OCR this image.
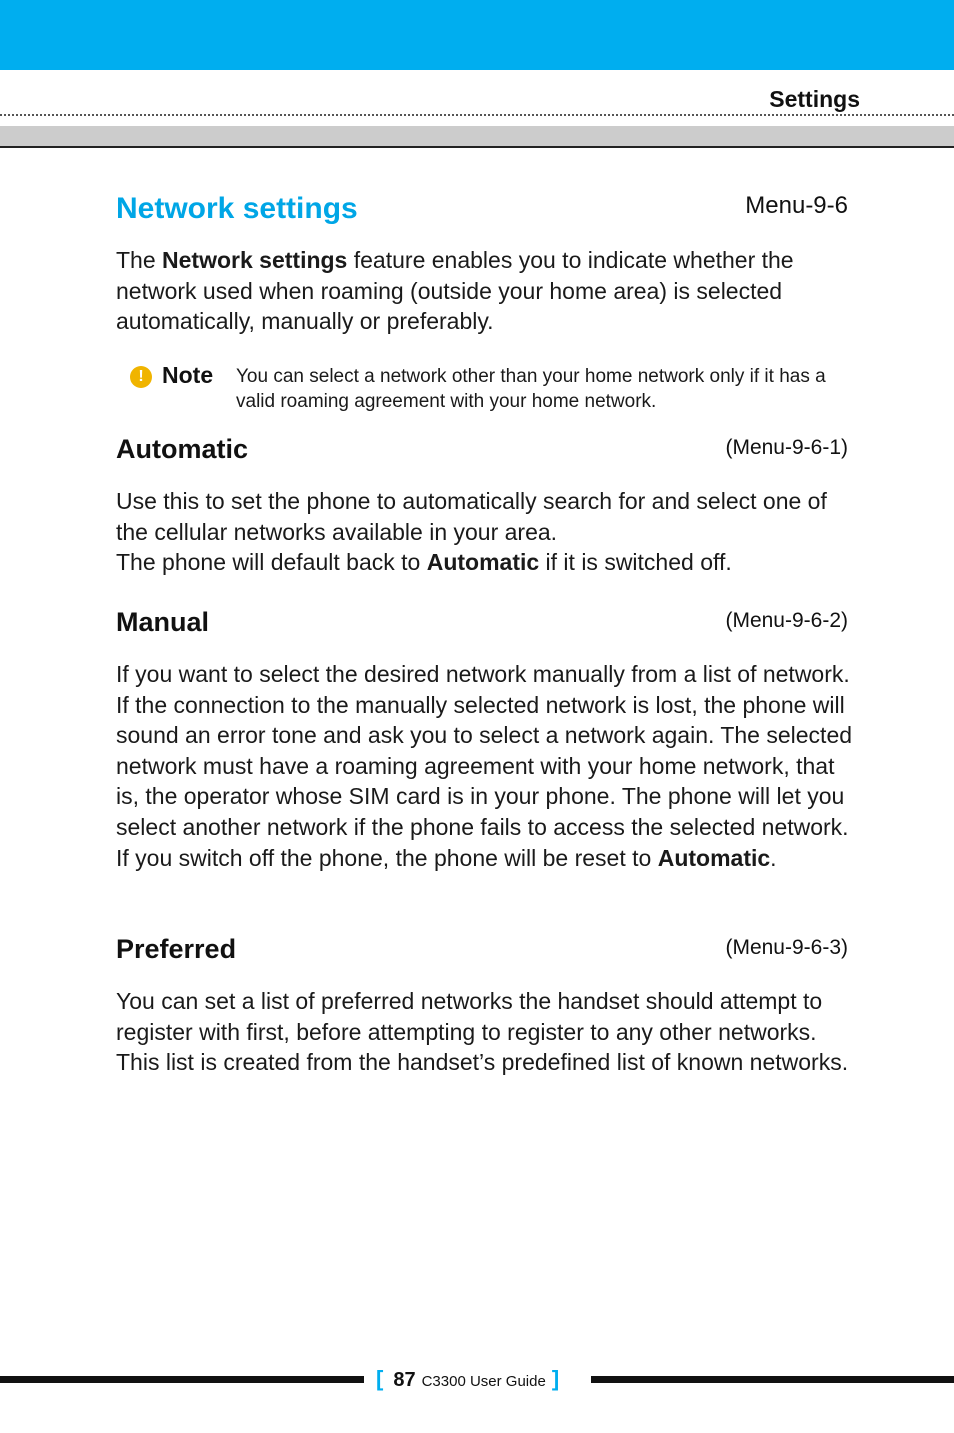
Settings
Network settings	Menu-9-6
The Network settings feature enables you to indicate whether the network used when roaming (outside your home area) is selected automatically, manually or preferably.
! Note You can select a network other than your home network only if it has a valid roaming agreement with your home network.
Automatic	(Menu-9-6-1)
Use this to set the phone to automatically search for and select one of the cellular networks available in your area.
The phone will default back to Automatic if it is switched off.
Manual	(Menu-9-6-2)
If you want to select the desired network manually from a list of network. If the connection to the manually selected network is lost, the phone will sound an error tone and ask you to select a network again. The selected network must have a roaming agreement with your home network, that is, the operator whose SIM card is in your phone. The phone will let you select another network if the phone fails to access the selected network. If you switch off the phone, the phone will be reset to Automatic.
Preferred	(Menu-9-6-3)
You can set a list of preferred networks the handset should attempt to register with first, before attempting to register to any other networks. This list is created from the handset’s predefined list of known networks.
[ 87 C3300 User Guide ]
